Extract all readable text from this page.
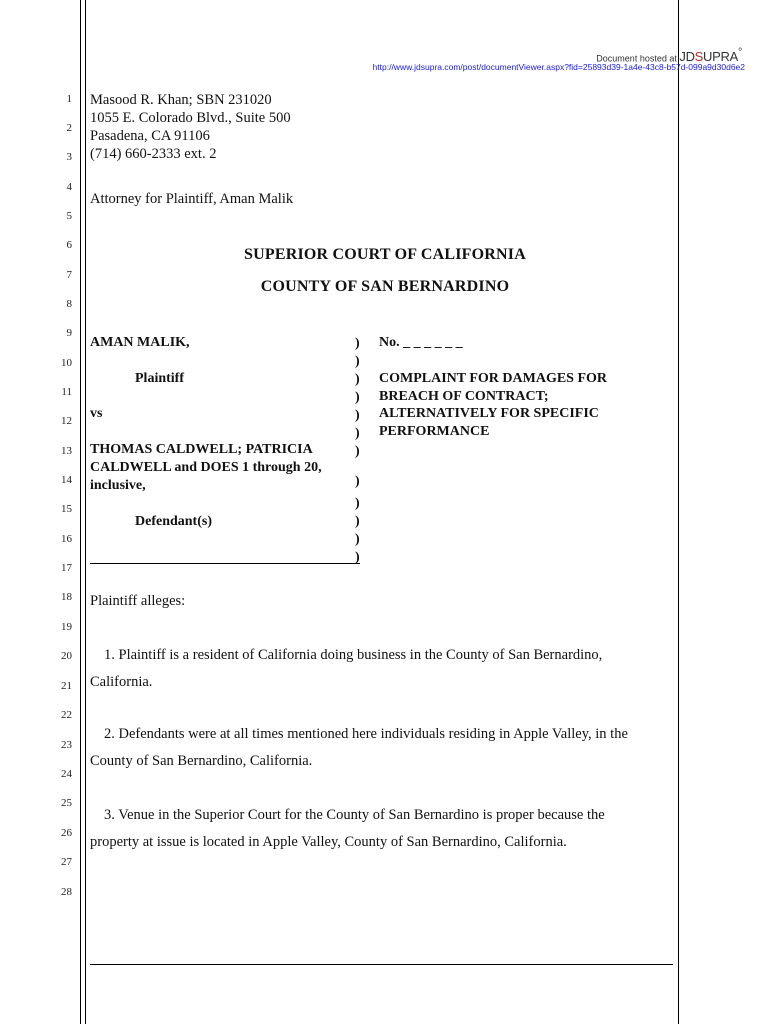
Document hosted at JDSUPRA°
http://www.jdsupra.com/post/documentViewer.aspx?fid=25893d39-1a4e-43c8-b57d-099a9d30d6e2
1
2
3
4
5
6
7
8
9
10
11
12
13
14
15
16
17
18
19
20
21
22
23
24
25
26
27
28
Masood R. Khan; SBN 231020
1055 E. Colorado Blvd., Suite 500
Pasadena, CA 91106
(714) 660-2333 ext. 2
Attorney for Plaintiff, Aman Malik
SUPERIOR COURT OF CALIFORNIA
COUNTY OF SAN BERNARDINO
AMAN MALIK,
Plaintiff
vs
THOMAS CALDWELL; PATRICIA
CALDWELL and DOES 1 through 20,
inclusive,
Defendant(s)
)
)
)
)
)
)
)
)
)
)
)
)
No. _ _ _ _ _ _
COMPLAINT FOR DAMAGES FOR
BREACH OF CONTRACT;
ALTERNATIVELY FOR SPECIFIC
PERFORMANCE
Plaintiff alleges:
1. Plaintiff is a resident of California doing business in the County of San Bernardino,
California.
2. Defendants were at all times mentioned here individuals residing in Apple Valley, in the
County of San Bernardino, California.
3. Venue in the Superior Court for the County of San Bernardino is proper because the
property at issue is located in Apple Valley, County of San Bernardino, California.
